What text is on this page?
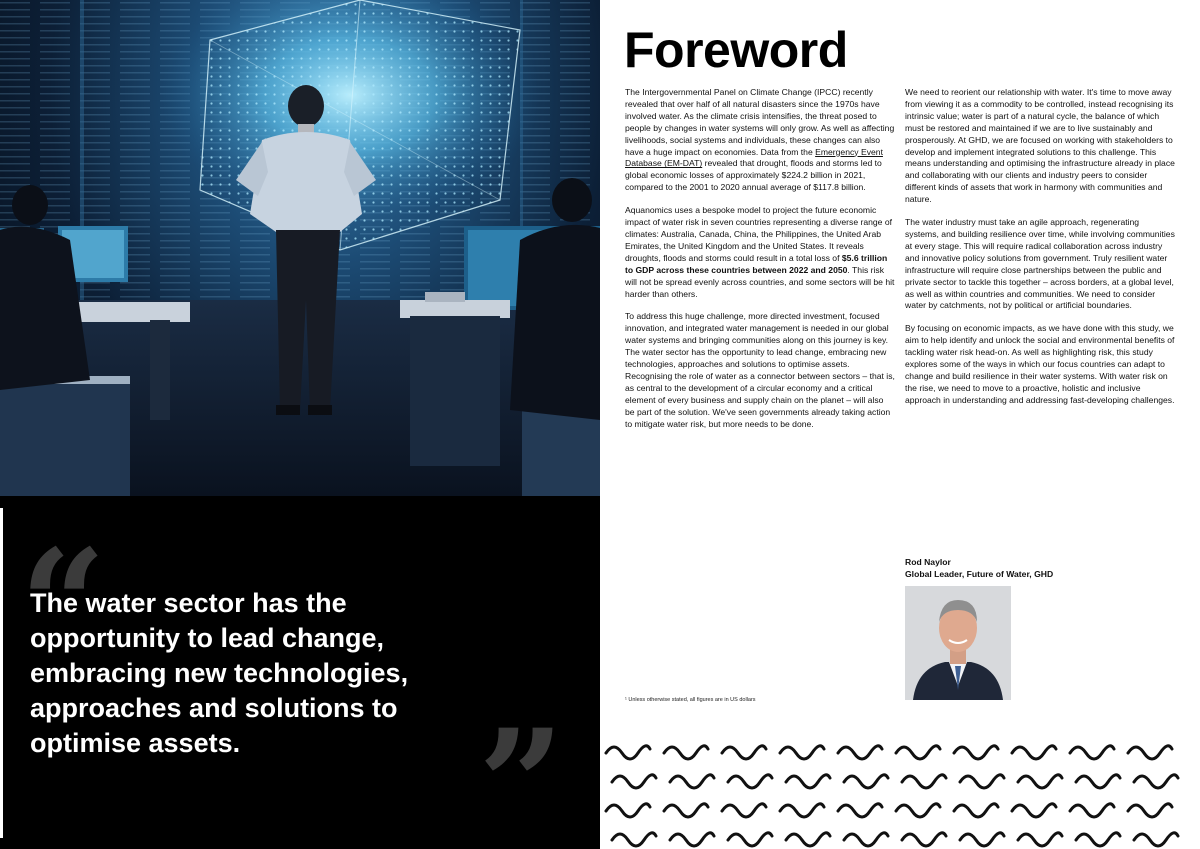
“
The water sector has the opportunity to lead change, embracing new technologies, approaches and solutions to optimise assets.	”
Foreword

The Intergovernmental Panel on Climate Change (IPCC) recently revealed that over half of all natural disasters since the 1970s have involved water. As the climate crisis intensifies, the threat posed to people by changes in water systems will only grow. As well as affecting livelihoods, social systems and individuals, these changes can also have a huge impact on economies. Data from the Emergency Event Database (EM-DAT) revealed that drought, floods and storms led to global economic losses of approximately $224.2 billion in 2021, compared to the 2001 to 2020 annual average of $117.8 billion.

Aquanomics uses a bespoke model to project the future economic impact of water risk in seven countries representing a diverse range of climates: Australia, Canada, China, the Philippines, the United Arab Emirates, the United Kingdom and the United States. It reveals droughts, floods and storms could result in a total loss of $5.6 trillion to GDP across these countries between 2022 and 2050. This risk will not be spread evenly across countries, and some sectors will be hit harder than others.

To address this huge challenge, more directed investment, focused innovation, and integrated water management is needed in our global water systems and bringing communities along on this journey is key. The water sector has the opportunity to lead change, embracing new technologies, approaches and solutions to optimise assets. Recognising the role of water as a connector between sectors – that is, as central to the development of a circular economy and a critical element of every business and supply chain on the planet – will also be part of the solution. We've seen governments already taking action to mitigate water risk, but more needs to be done.

We need to reorient our relationship with water. It's time to move away from viewing it as a commodity to be controlled, instead recognising its intrinsic value; water is part of a natural cycle, the balance of which must be restored and maintained if we are to live sustainably and prosperously. At GHD, we are focused on working with stakeholders to develop and implement integrated solutions to this challenge. This means understanding and optimising the infrastructure already in place and collaborating with our clients and industry peers to consider different kinds of assets that work in harmony with communities and nature.

The water industry must take an agile approach, regenerating systems, and building resilience over time, while involving communities at every stage. This will require radical collaboration across industry and innovative policy solutions from government. Truly resilient water infrastructure will require close partnerships between the public and private sector to tackle this together – across borders, at a global level, as well as within countries and communities. We need to consider water by catchments, not by political or artificial boundaries.

By focusing on economic impacts, as we have done with this study, we aim to help identify and unlock the social and environmental benefits of tackling water risk head-on. As well as highlighting risk, this study explores some of the ways in which our focus countries can adapt to change and build resilience in their water systems. With water risk on the rise, we need to move to a proactive, holistic and inclusive approach in understanding and addressing fast-developing challenges.

Rod Naylor
Global Leader, Future of Water, GHD
¹ Unless otherwise stated, all figures are in US dollars
